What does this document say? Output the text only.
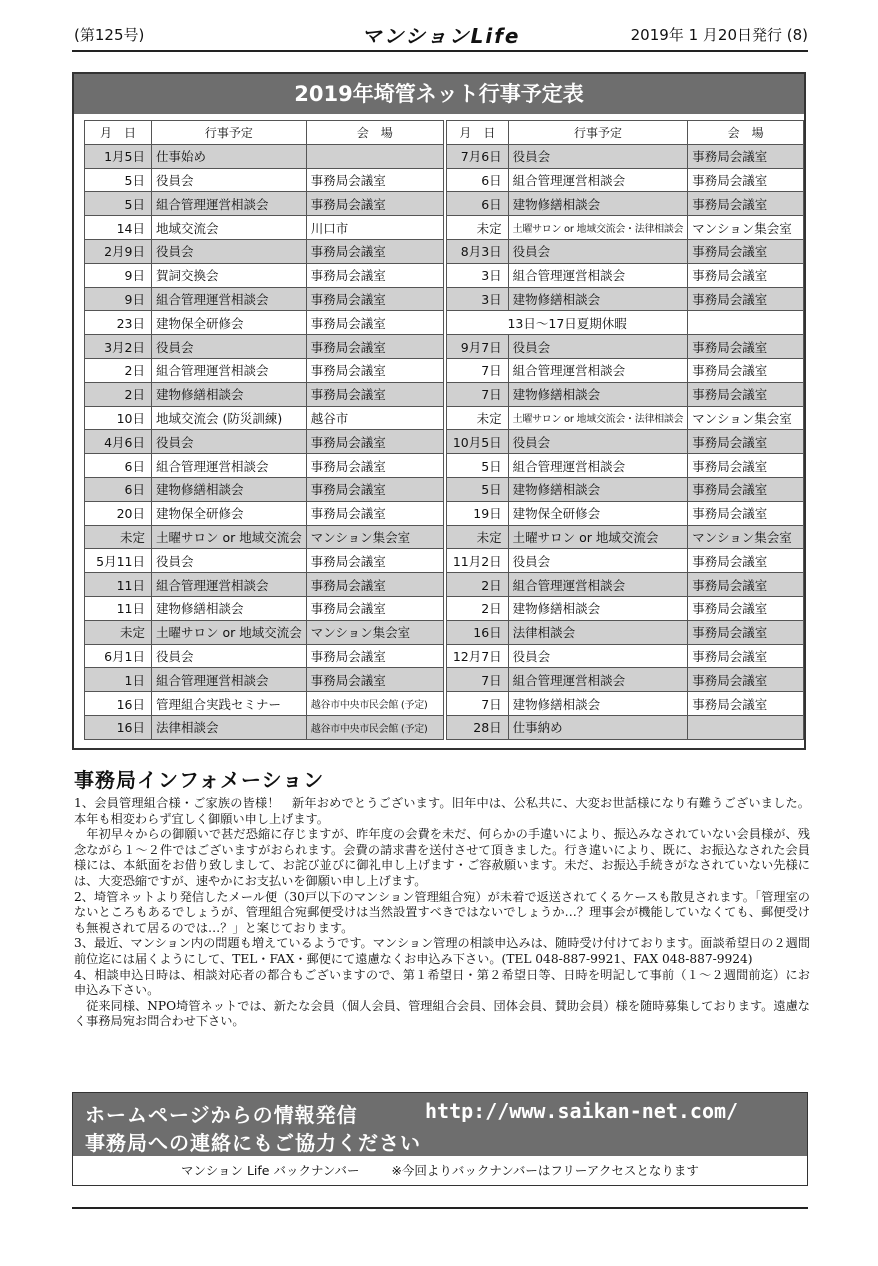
(第125号)	マンションLife	2019年 1 月20日発行 (8)
2019年埼管ネット行事予定表
月　日	行事予定	会　場
1月5日	仕事始め	
5日	役員会	事務局会議室
5日	組合管理運営相談会	事務局会議室
14日	地域交流会	川口市
2月9日	役員会	事務局会議室
9日	賀詞交換会	事務局会議室
9日	組合管理運営相談会	事務局会議室
23日	建物保全研修会	事務局会議室
3月2日	役員会	事務局会議室
2日	組合管理運営相談会	事務局会議室
2日	建物修繕相談会	事務局会議室
10日	地域交流会 (防災訓練)	越谷市
4月6日	役員会	事務局会議室
6日	組合管理運営相談会	事務局会議室
6日	建物修繕相談会	事務局会議室
20日	建物保全研修会	事務局会議室
未定	土曜サロン or 地域交流会	マンション集会室
5月11日	役員会	事務局会議室
11日	組合管理運営相談会	事務局会議室
11日	建物修繕相談会	事務局会議室
未定	土曜サロン or 地域交流会	マンション集会室
6月1日	役員会	事務局会議室
1日	組合管理運営相談会	事務局会議室
16日	管理組合実践セミナー	越谷市中央市民会館 (予定)
16日	法律相談会	越谷市中央市民会館 (予定)
月　日	行事予定	会　場
7月6日	役員会	事務局会議室
6日	組合管理運営相談会	事務局会議室
6日	建物修繕相談会	事務局会議室
未定	土曜サロン or 地域交流会・法律相談会	マンション集会室
8月3日	役員会	事務局会議室
3日	組合管理運営相談会	事務局会議室
3日	建物修繕相談会	事務局会議室
13日～17日夏期休暇		
9月7日	役員会	事務局会議室
7日	組合管理運営相談会	事務局会議室
7日	建物修繕相談会	事務局会議室
未定	土曜サロン or 地域交流会・法律相談会	マンション集会室
10月5日	役員会	事務局会議室
5日	組合管理運営相談会	事務局会議室
5日	建物修繕相談会	事務局会議室
19日	建物保全研修会	事務局会議室
未定	土曜サロン or 地域交流会	マンション集会室
11月2日	役員会	事務局会議室
2日	組合管理運営相談会	事務局会議室
2日	建物修繕相談会	事務局会議室
16日	法律相談会	事務局会議室
12月7日	役員会	事務局会議室
7日	組合管理運営相談会	事務局会議室
7日	建物修繕相談会	事務局会議室
28日	仕事納め	
事務局インフォメーション

1、会員管理組合様・ご家族の皆様！　新年おめでとうございます。旧年中は、公私共に、大変お世話様になり有難うございました。本年も相変わらず宜しく御願い申し上げます。

年初早々からの御願いで甚だ恐縮に存じますが、昨年度の会費を未だ、何らかの手違いにより、振込みなされていない会員様が、残念ながら１～２件ではございますがおられます。会費の請求書を送付させて頂きました。行き違いにより、既に、お振込なされた会員様には、本紙面をお借り致しまして、お詫び並びに御礼申し上げます・ご容赦願います。未だ、お振込手続きがなされていない先様には、大変恐縮ですが、速やかにお支払いを御願い申し上げます。

2、埼管ネットより発信したメール便（30戸以下のマンション管理組合宛）が未着で返送されてくるケースも散見されます。「管理室のないところもあるでしょうが、管理組合宛郵便受けは当然設置すべきではないでしょうか…？理事会が機能していなくても、郵便受けも無視されて居るのでは…？」と案じております。

3、最近、マンション内の問題も増えているようです。マンション管理の相談申込みは、随時受け付けております。面談希望日の２週間前位迄には届くようにして、TEL・FAX・郵便にて遠慮なくお申込み下さい。(TEL 048-887-9921、FAX 048-887-9924)

4、相談申込日時は、相談対応者の都合もございますので、第１希望日・第２希望日等、日時を明記して事前（１～２週間前迄）にお申込み下さい。

従来同様、NPO埼管ネットでは、新たな会員（個人会員、管理組合会員、団体会員、賛助会員）様を随時募集しております。遠慮なく事務局宛お問合わせ下さい。

ホームページからの情報発信	http://www.saikan-net.com/
事務局への連絡にもご協力ください
マンション Life バックナンバー	※今回よりバックナンバーはフリーアクセスとなります
